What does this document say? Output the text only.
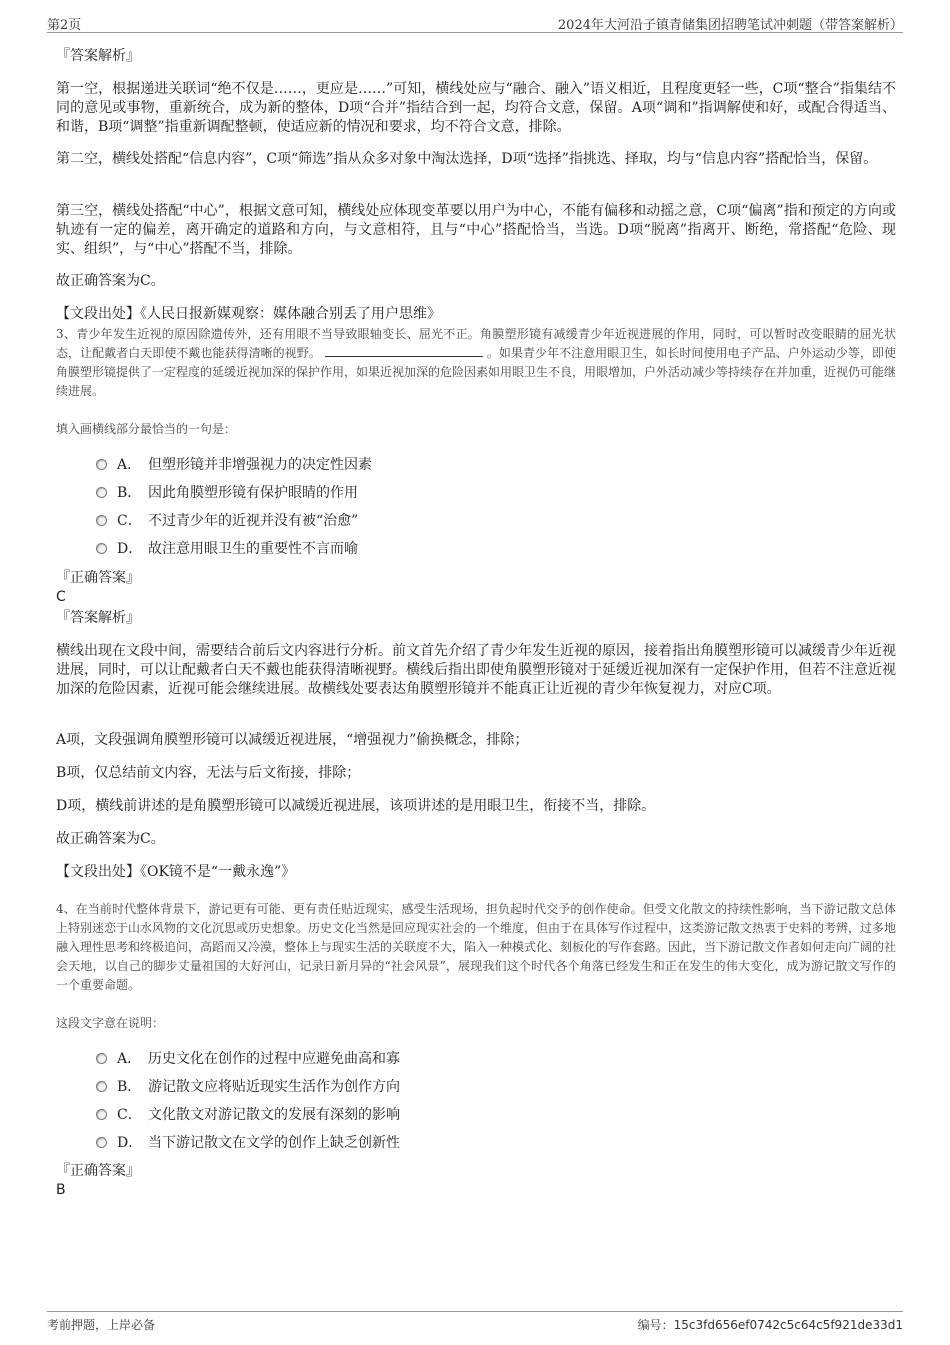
第2页	2024年大河沿子镇青储集团招聘笔试冲刺题（带答案解析）

『答案解析』

第一空，根据递进关联词“绝不仅是……，更应是……”可知，横线处应与“融合、融入”语义相近，且程度更轻一些，C项“整合”指集结不同的意见或事物，重新统合，成为新的整体，D项“合并”指结合到一起，均符合文意，保留。A项“调和”指调解使和好，或配合得适当、和谐，B项“调整”指重新调配整顿，使适应新的情况和要求，均不符合文意，排除。

第二空，横线处搭配“信息内容”，C项“筛选”指从众多对象中淘汰选择，D项“选择”指挑选、择取，均与“信息内容”搭配恰当，保留。

第三空，横线处搭配“中心”，根据文意可知，横线处应体现变革要以用户为中心，不能有偏移和动摇之意，C项“偏离”指和预定的方向或轨迹有一定的偏差，离开确定的道路和方向，与文意相符，且与“中心”搭配恰当，当选。D项“脱离”指离开、断绝，常搭配“危险、现实、组织”，与“中心”搭配不当，排除。

故正确答案为C。

【文段出处】《人民日报新媒观察：媒体融合别丢了用户思维》

3、青少年发生近视的原因除遗传外，还有用眼不当导致眼轴变长、屈光不正。角膜塑形镜有减缓青少年近视进展的作用，同时，可以暂时改变眼睛的屈光状态，让配戴者白天即使不戴也能获得清晰的视野。	。如果青少年不注意用眼卫生，如长时间使用电子产品、户外运动少等，即使角膜塑形镜提供了一定程度的延缓近视加深的保护作用，如果近视加深的危险因素如用眼卫生不良，用眼增加，户外活动减少等持续存在并加重，近视仍可能继续进展。

填入画横线部分最恰当的一句是：

A． 但塑形镜并非增强视力的决定性因素
B． 因此角膜塑形镜有保护眼睛的作用
C． 不过青少年的近视并没有被“治愈”
D． 故注意用眼卫生的重要性不言而喻

『正确答案』

C

『答案解析』

横线出现在文段中间，需要结合前后文内容进行分析。前文首先介绍了青少年发生近视的原因，接着指出角膜塑形镜可以减缓青少年近视进展，同时，可以让配戴者白天不戴也能获得清晰视野。横线后指出即使角膜塑形镜对于延缓近视加深有一定保护作用，但若不注意近视加深的危险因素，近视可能会继续进展。故横线处要表达角膜塑形镜并不能真正让近视的青少年恢复视力，对应C项。

A项，文段强调角膜塑形镜可以减缓近视进展，“增强视力”偷换概念，排除；

B项，仅总结前文内容，无法与后文衔接，排除；

D项，横线前讲述的是角膜塑形镜可以减缓近视进展，该项讲述的是用眼卫生，衔接不当，排除。

故正确答案为C。

【文段出处】《OK镜不是“一戴永逸”》

4、在当前时代整体背景下，游记更有可能、更有责任贴近现实，感受生活现场，担负起时代交予的创作使命。但受文化散文的持续性影响，当下游记散文总体上特别迷恋于山水风物的文化沉思或历史想象。历史文化当然是回应现实社会的一个维度，但由于在具体写作过程中，这类游记散文热衷于史料的考辨，过多地融入理性思考和终极追问，高蹈而又冷漠，整体上与现实生活的关联度不大，陷入一种模式化、刻板化的写作套路。因此，当下游记散文作者如何走向广阔的社会天地，以自己的脚步丈量祖国的大好河山，记录日新月异的“社会风景”，展现我们这个时代各个角落已经发生和正在发生的伟大变化，成为游记散文写作的一个重要命题。

这段文字意在说明：

A． 历史文化在创作的过程中应避免曲高和寡
B． 游记散文应将贴近现实生活作为创作方向
C． 文化散文对游记散文的发展有深刻的影响
D． 当下游记散文在文学的创作上缺乏创新性

『正确答案』

B

考前押题，上岸必备	编号：15c3fd656ef0742c5c64c5f921de33d1
